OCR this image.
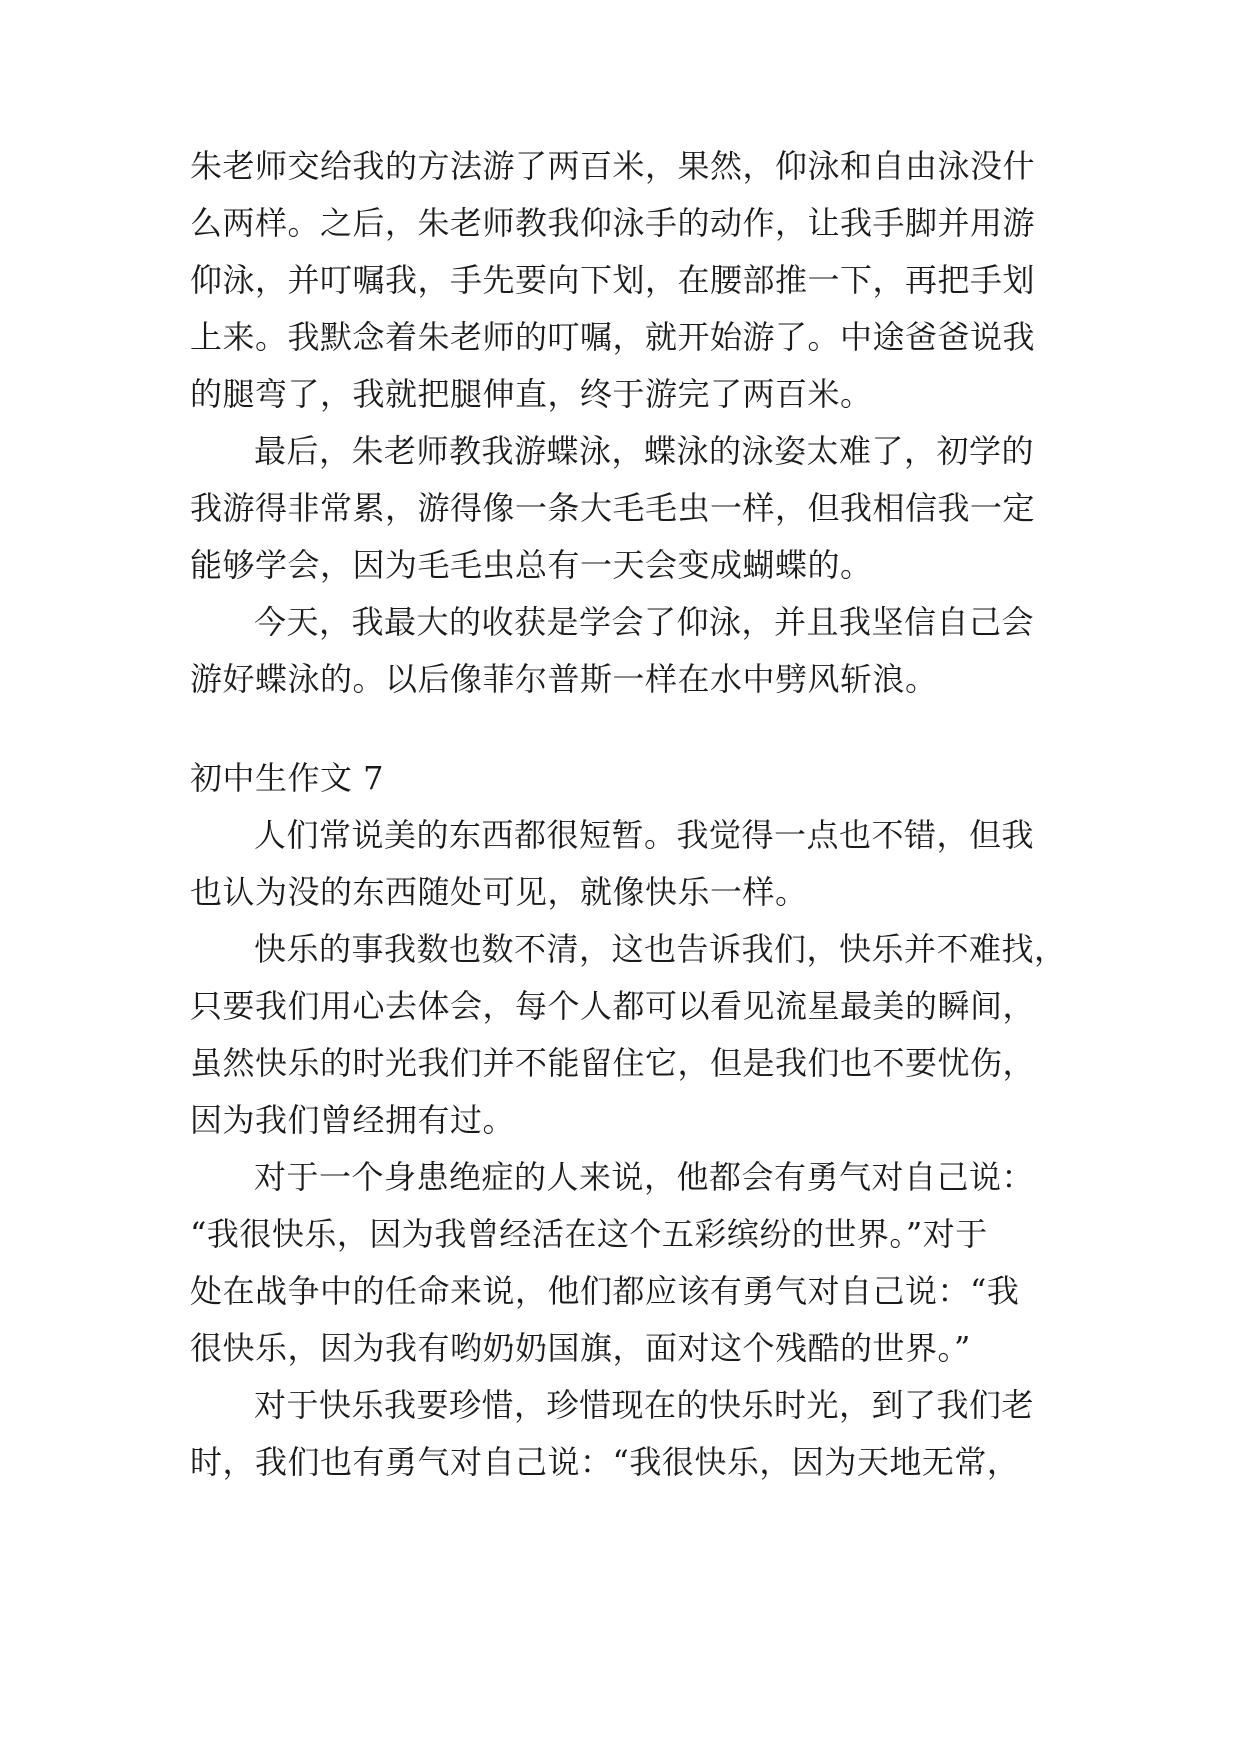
朱老师交给我的方法游了两百米，果然，仰泳和自由泳没什
么两样。之后，朱老师教我仰泳手的动作，让我手脚并用游
仰泳，并叮嘱我，手先要向下划，在腰部推一下，再把手划
上来。我默念着朱老师的叮嘱，就开始游了。中途爸爸说我
的腿弯了，我就把腿伸直，终于游完了两百米。
最后，朱老师教我游蝶泳，蝶泳的泳姿太难了，初学的
我游得非常累，游得像一条大毛毛虫一样，但我相信我一定
能够学会，因为毛毛虫总有一天会变成蝴蝶的。
今天，我最大的收获是学会了仰泳，并且我坚信自己会
游好蝶泳的。以后像菲尔普斯一样在水中劈风斩浪。
初中生作文 7
人们常说美的东西都很短暂。我觉得一点也不错，但我
也认为没的东西随处可见，就像快乐一样。
快乐的事我数也数不清，这也告诉我们，快乐并不难找，
只要我们用心去体会，每个人都可以看见流星最美的瞬间，
虽然快乐的时光我们并不能留住它，但是我们也不要忧伤，
因为我们曾经拥有过。
对于一个身患绝症的人来说，他都会有勇气对自己说：
“我很快乐，因为我曾经活在这个五彩缤纷的世界。”对于
处在战争中的任命来说，他们都应该有勇气对自己说：“我
很快乐，因为我有哟奶奶国旗，面对这个残酷的世界。”
对于快乐我要珍惜，珍惜现在的快乐时光，到了我们老
时，我们也有勇气对自己说：“我很快乐，因为天地无常，
